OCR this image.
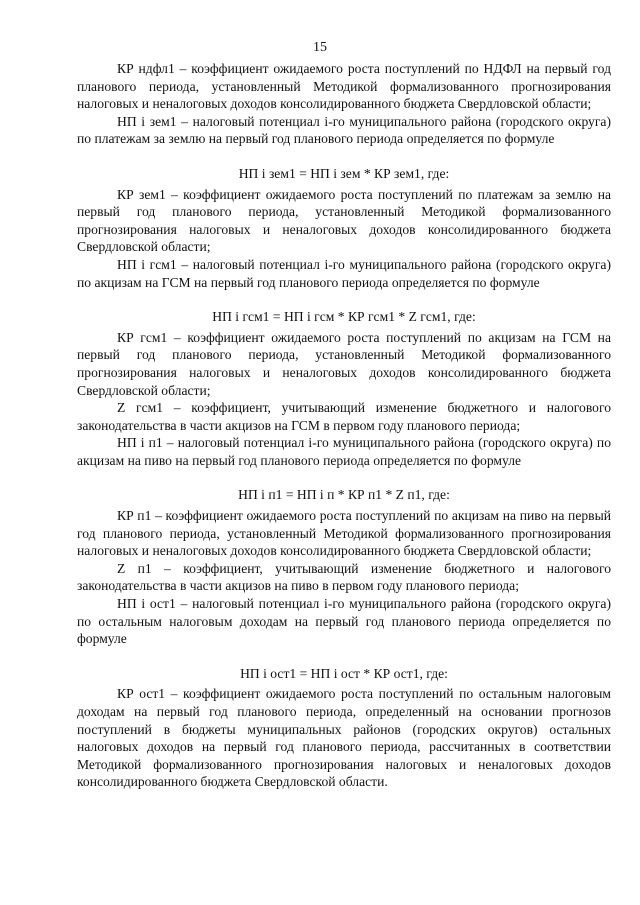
15

КР ндфл1 – коэффициент ожидаемого роста поступлений по НДФЛ на первый год планового периода, установленный Методикой формализованного прогнозирования налоговых и неналоговых доходов консолидированного бюджета Свердловской области;

НП i зем1 – налоговый потенциал i-го муниципального района (городского округа) по платежам за землю на первый год планового периода определяется по формуле

НП i зем1 = НП i зем * КР зем1, где:

КР зем1 – коэффициент ожидаемого роста поступлений по платежам за землю на первый год планового периода, установленный Методикой формализованного прогнозирования налоговых и неналоговых доходов консолидированного бюджета Свердловской области;

НП i гсм1 – налоговый потенциал i-го муниципального района (городского округа) по акцизам на ГСМ на первый год планового периода определяется по формуле

НП i гсм1 = НП i гсм * КР гсм1 * Z гсм1, где:

КР гсм1 – коэффициент ожидаемого роста поступлений по акцизам на ГСМ на первый год планового периода, установленный Методикой формализованного прогнозирования налоговых и неналоговых доходов консолидированного бюджета Свердловской области;

Z гсм1 – коэффициент, учитывающий изменение бюджетного и налогового законодательства в части акцизов на ГСМ в первом году планового периода;

НП i п1 – налоговый потенциал i-го муниципального района (городского округа) по акцизам на пиво на первый год планового периода определяется по формуле

НП i п1 = НП i п * КР п1 * Z п1, где:

КР п1 – коэффициент ожидаемого роста поступлений по акцизам на пиво на первый год планового периода, установленный Методикой формализованного прогнозирования налоговых и неналоговых доходов консолидированного бюджета Свердловской области;

Z п1 – коэффициент, учитывающий изменение бюджетного и налогового законодательства в части акцизов на пиво в первом году планового периода;

НП i ост1 – налоговый потенциал i-го муниципального района (городского округа) по остальным налоговым доходам на первый год планового периода определяется по формуле

НП i ост1 = НП i ост * КР ост1, где:

КР ост1 – коэффициент ожидаемого роста поступлений по остальным налоговым доходам на первый год планового периода, определенный на основании прогнозов поступлений в бюджеты муниципальных районов (городских округов) остальных налоговых доходов на первый год планового периода, рассчитанных в соответствии Методикой формализованного прогнозирования налоговых и неналоговых доходов консолидированного бюджета Свердловской области.
